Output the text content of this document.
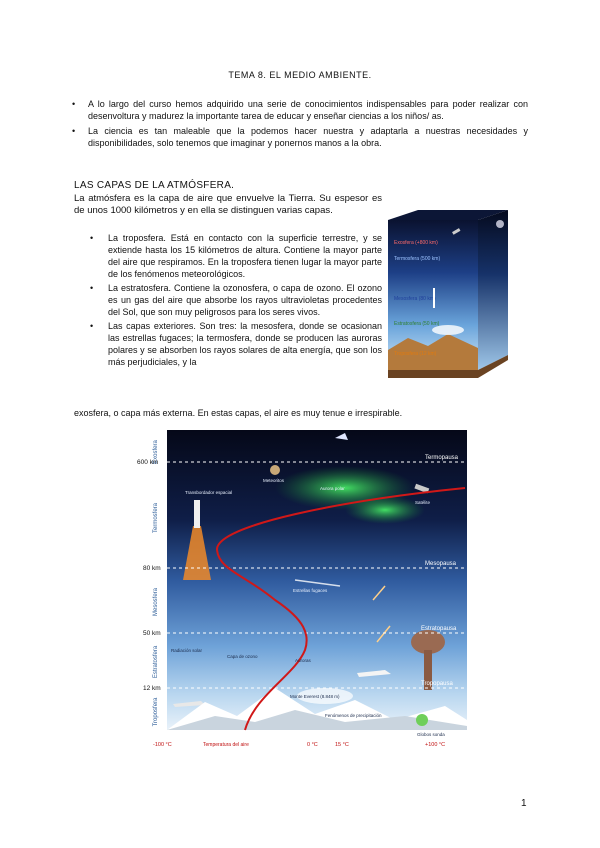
TEMA 8. EL MEDIO AMBIENTE.
• A lo largo del curso hemos adquirido una serie de conocimientos indispensables para poder realizar con desenvoltura y madurez la importante tarea de educar y enseñar ciencias a los niños/ as.
• La ciencia es tan maleable que la podemos hacer nuestra y adaptarla a nuestras necesidades y disponibilidades, solo tenemos que imaginar y ponernos manos a la obra.
LAS CAPAS DE LA ATMÓSFERA.

La atmósfera es la capa de aire que envuelve la Tierra. Su espesor es de unos 1000 kilómetros y en ella se distinguen varias capas.

• La troposfera. Está en contacto con la superficie terrestre, y se extiende hasta los 15 kilómetros de altura. Contiene la mayor parte del aire que respiramos. En la troposfera tienen lugar la mayor parte de los fenómenos meteorológicos.
• La estratosfera. Contiene la ozonosfera, o capa de ozono. El ozono es un gas del aire que absorbe los rayos ultravioletas procedentes del Sol, que son muy peligrosos para los seres vivos.
• Las capas exteriores. Son tres: la mesosfera, donde se ocasionan las estrellas fugaces; la termosfera, donde se producen las auroras polares y se absorben los rayos solares de alta energía, que son los más perjudiciales, y la

exosfera, o capa más externa. En estas capas, el aire es muy tenue e irrespirable.

Exosfera (+800 km)
Termosfera (500 km)
Mesosfera (80 km)
Estratosfera (50 km)
Troposfera (12 km)
600 km
80 km
50 km
12 km
Exosfera
Termosfera
Mesosfera
Estratosfera
Troposfera
Termopausa
Mesopausa
Estratopausa
Tropopausa
Aurora polar
Estrellas fugaces
Capa de ozono
Radiación solar
Auroras
Monte Everest (8.848 m)
Fenómenos de precipitación
Globos sonda
Meteoritos
Satélite
Transbordador espacial
-100 °C	Temperatura del aire	0 °C	15 °C	+100 °C
1
